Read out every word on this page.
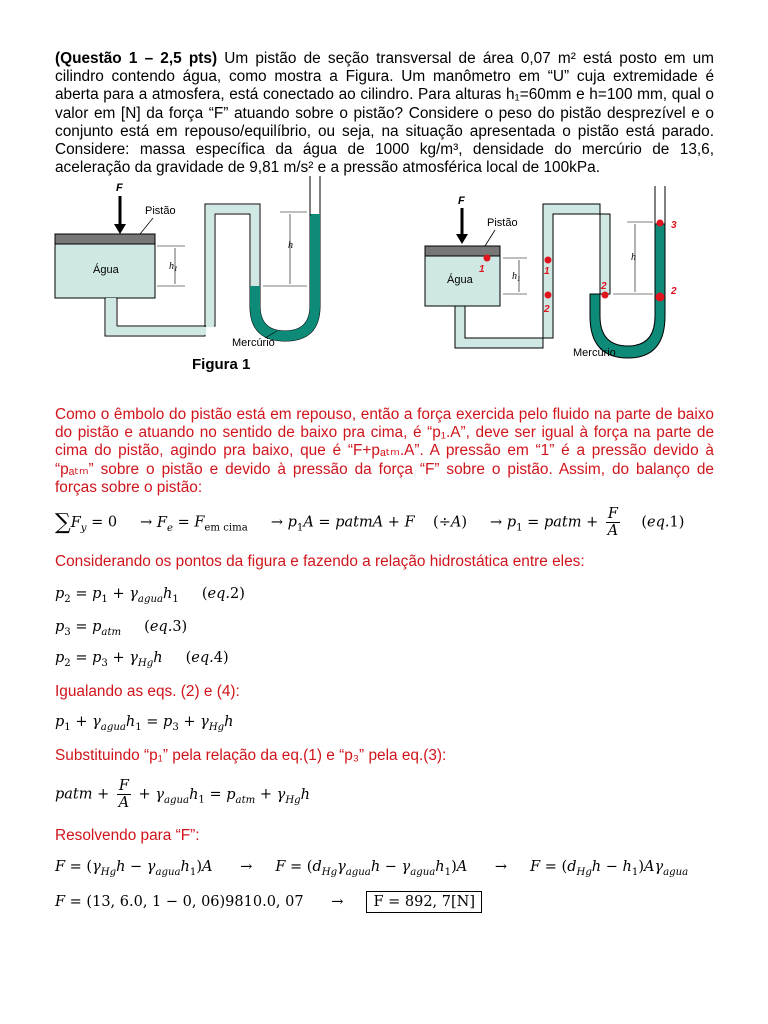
(Questão 1 – 2,5 pts) Um pistão de seção transversal de área 0,07 m² está posto em um cilindro contendo água, como mostra a Figura. Um manômetro em “U” cuja extremidade é aberta para a atmosfera, está conectado ao cilindro. Para alturas h₁=60mm e h=100 mm, qual o valor em [N] da força “F” atuando sobre o pistão? Considere o peso do pistão desprezível e o conjunto está em repouso/equilíbrio, ou seja, na situação apresentada o pistão está parado. Considere: massa específica da água de 1000 kg/m³, densidade do mercúrio de 13,6, aceleração da gravidade de 9,81 m/s² e a pressão atmosférica local de 100kPa.
F
Pistão
Água	$h_1$
h
Mercúrio
F
Pistão
Água	$h_1$
h
Mercúrio
1	1
2
2	2
3
Figura 1
Como o êmbolo do pistão está em repouso, então a força exercida pelo fluido na parte de baixo do pistão e atuando no sentido de baixo pra cima, é “p₁.A”, deve ser igual à força na parte de cima do pistão, agindo pra baixo, que é “F+pₐₜₘ.A”. A pressão em “1” é a pressão devido à “pₐₜₘ” sobre o pistão e devido à pressão da força “F” sobre o pistão. Assim, do balanço de forças sobre o pistão:
$\sum F_y = 0$     → $F_e = F_{em cima}$     → $p_1A$ = patmA + F    (÷A)     → $p_1$ = patm + $\frac{F}{A} (eq.1)$
Considerando os pontos da figura e fazendo a relação hidrostática entre eles:
$p_2 = p_1 + \gamma_{agua}h_1$     (eq.2)
$p_3 = p_{atm}$     (eq.3)
$p_2 = p_3 + \gamma_{Hg}h$     (eq.4)
Igualando as eqs. (2) e (4):
$p_1 + \gamma_{agua}h_1 = p_3 + \gamma_{Hg}h$
Substituindo “p₁” pela relação da eq.(1) e “p₃” pela eq.(3):
patm + $\frac{F}{A} + \gamma_{agua}h_1 = p_{atm} + \gamma_{Hg}h$
Resolvendo para “F”:
$F = (\gamma_{Hg}h - \gamma_{agua}h_1)A$      →     $F = (d_{Hg}\gamma_{agua}h - \gamma_{agua}h_1)A$      →     $F = (d_{Hg}h - h_1)A\gamma_{agua}$
F = (13, 6.0, 1 − 0, 06)9810.0, 07      →     F = 892, 7[N]
